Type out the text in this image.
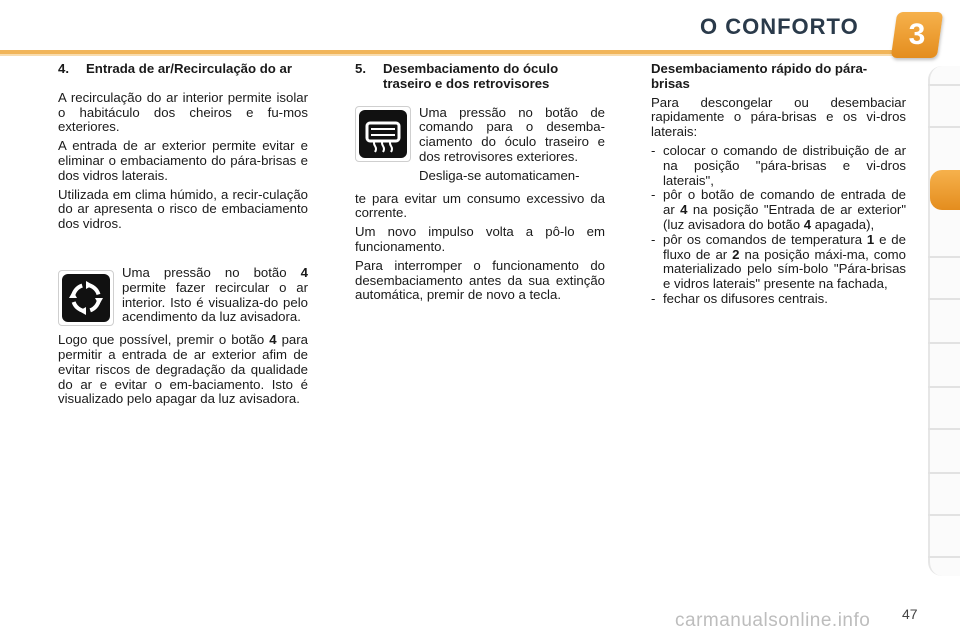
O CONFORTO	3
4.	Entrada de ar/Recirculação do ar

A recirculação do ar interior permite isolar o habitáculo dos cheiros e fu-mos exteriores.

A entrada de ar exterior permite evitar e eliminar o embaciamento do pára-brisas e dos vidros laterais.

Utilizada em clima húmido, a recir-culação do ar apresenta o risco de embaciamento dos vidros.

Uma pressão no botão 4 permite fazer recircular o ar interior. Isto é visualiza-do pelo acendimento da luz avisadora.

Logo que possível, premir o botão 4 para permitir a entrada de ar exterior afim de evitar riscos de degradação da qualidade do ar e evitar o em-baciamento. Isto é visualizado pelo apagar da luz avisadora.

5.	Desembaciamento do óculo traseiro e dos retrovisores

Uma pressão no botão de comando para o desemba-ciamento do óculo traseiro e dos retrovisores exteriores.

Desliga-se automaticamen-

te para evitar um consumo excessivo da corrente.

Um novo impulso volta a pô-lo em funcionamento.

Para interromper o funcionamento do desembaciamento antes da sua extinção automática, premir de novo a tecla.

Desembaciamento rápido do pára-brisas

Para descongelar ou desembaciar rapidamente o pára-brisas e os vi-dros laterais:

- colocar o comando de distribuição de ar na posição "pára-brisas e vi-dros laterais",
- pôr o botão de comando de entrada de ar 4 na posição "Entrada de ar exterior" (luz avisadora do botão 4 apagada),
- pôr os comandos de temperatura 1 e de fluxo de ar 2 na posição máxi-ma, como materializado pelo sím-bolo "Pára-brisas e vidros laterais" presente na fachada,
- fechar os difusores centrais.
carmanualsonline.info 47
